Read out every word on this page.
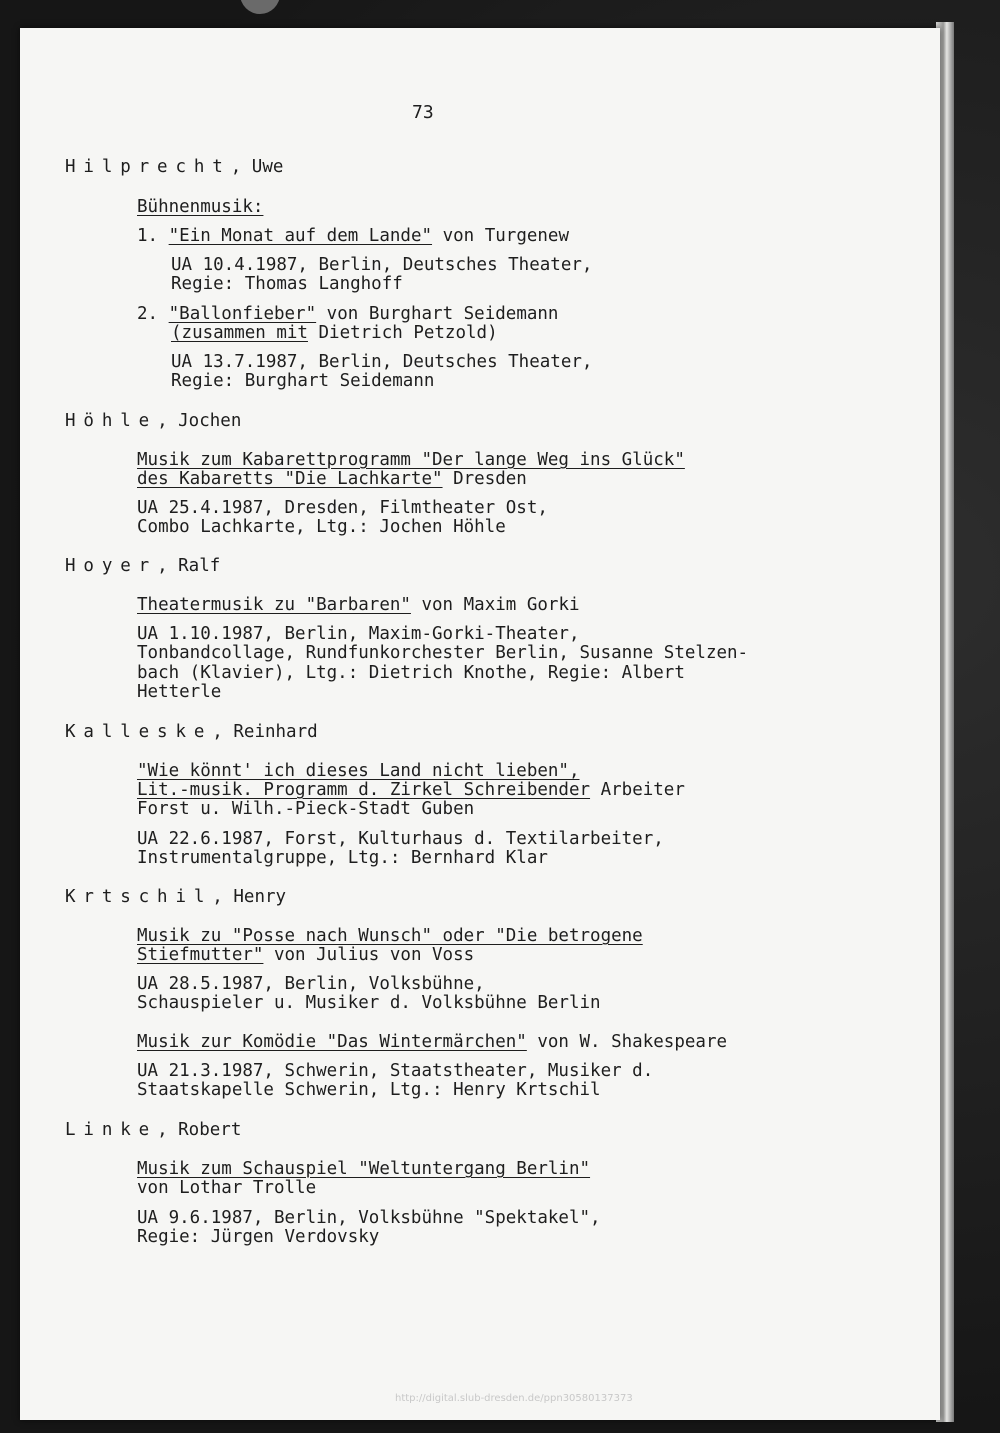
73
Hilprecht, Uwe
Bühnenmusik:
1. "Ein Monat auf dem Lande" von Turgenew
UA 10.4.1987, Berlin, Deutsches Theater,
Regie: Thomas Langhoff
2. "Ballonfieber" von Burghart Seidemann
(zusammen mit Dietrich Petzold)
UA 13.7.1987, Berlin, Deutsches Theater,
Regie: Burghart Seidemann
Höhle, Jochen
Musik zum Kabarettprogramm "Der lange Weg ins Glück"
des Kabaretts "Die Lachkarte" Dresden
UA 25.4.1987, Dresden, Filmtheater Ost,
Combo Lachkarte, Ltg.: Jochen Höhle
Hoyer, Ralf
Theatermusik zu "Barbaren" von Maxim Gorki
UA 1.10.1987, Berlin, Maxim-Gorki-Theater,
Tonbandcollage, Rundfunkorchester Berlin, Susanne Stelzen-
bach (Klavier), Ltg.: Dietrich Knothe, Regie: Albert
Hetterle
Kalleske, Reinhard
"Wie könnt' ich dieses Land nicht lieben",
Lit.-musik. Programm d. Zirkel Schreibender Arbeiter
Forst u. Wilh.-Pieck-Stadt Guben
UA 22.6.1987, Forst, Kulturhaus d. Textilarbeiter,
Instrumentalgruppe, Ltg.: Bernhard Klar
Krtschil, Henry
Musik zu "Posse nach Wunsch" oder "Die betrogene
Stiefmutter" von Julius von Voss
UA 28.5.1987, Berlin, Volksbühne,
Schauspieler u. Musiker d. Volksbühne Berlin
Musik zur Komödie "Das Wintermärchen" von W. Shakespeare
UA 21.3.1987, Schwerin, Staatstheater, Musiker d.
Staatskapelle Schwerin, Ltg.: Henry Krtschil
Linke, Robert
Musik zum Schauspiel "Weltuntergang Berlin"
von Lothar Trolle
UA 9.6.1987, Berlin, Volksbühne "Spektakel",
Regie: Jürgen Verdovsky
http://digital.slub-dresden.de/ppn30580137373
